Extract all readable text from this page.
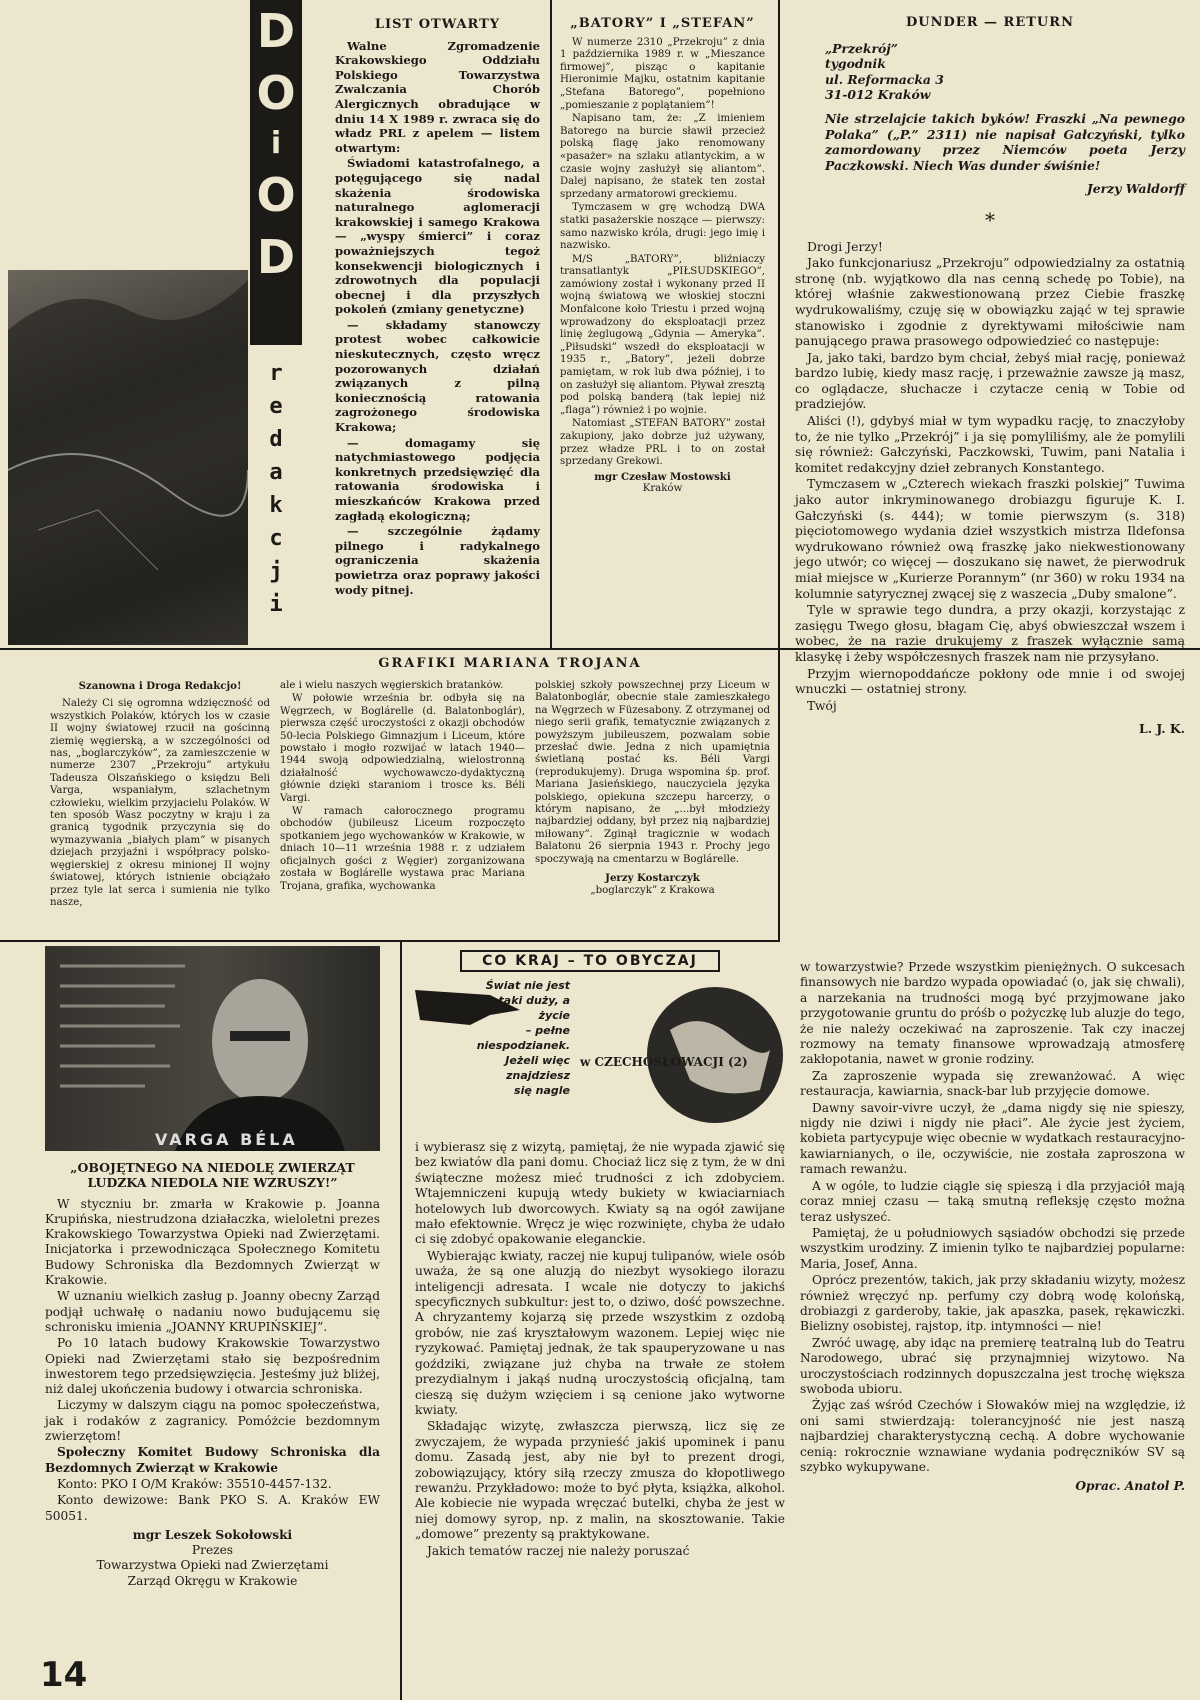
D
O
i
O
D
r
e
d
a
k
c
j
i
LIST OTWARTY

Walne Zgromadzenie Krakowskiego Oddziału Polskiego Towarzystwa Zwalczania Chorób Alergicznych obradujące w dniu 14 X 1989 r. zwraca się do władz PRL z apelem — listem otwartym:

Świadomi katastrofalnego, a potęgującego się nadal skażenia środowiska naturalnego aglomeracji krakowskiej i samego Krakowa — „wyspy śmierci” i coraz poważniejszych tegoż konsekwencji biologicznych i zdrowotnych dla populacji obecnej i dla przyszłych pokoleń (zmiany genetyczne)

— składamy stanowczy protest wobec całkowicie nieskutecznych, często wręcz pozorowanych działań związanych z pilną koniecznością ratowania zagrożonego środowiska Krakowa;

— domagamy się natychmiastowego podjęcia konkretnych przedsięwzięć dla ratowania środowiska i mieszkańców Krakowa przed zagładą ekologiczną;

— szczególnie żądamy pilnego i radykalnego ograniczenia skażenia powietrza oraz poprawy jakości wody pitnej.

„BATORY” I „STEFAN”

W numerze 2310 „Przekroju” z dnia 1 października 1989 r. w „Mieszance firmowej”, pisząc o kapitanie Hieronimie Majku, ostatnim kapitanie „Stefana Batorego”, popełniono „pomieszanie z poplątaniem”!

Napisano tam, że: „Z imieniem Batorego na burcie sławił przecież polską flagę jako renomowany «pasażer» na szlaku atlantyckim, a w czasie wojny zasłużył się aliantom”. Dalej napisano, że statek ten został sprzedany armatorowi greckiemu.

Tymczasem w grę wchodzą DWA statki pasażerskie noszące — pierwszy: samo nazwisko króla, drugi: jego imię i nazwisko.

M/S „BATORY”, bliźniaczy transatlantyk „PIŁSUDSKIEGO”, zamówiony został i wykonany przed II wojną światową we włoskiej stoczni Monfalcone koło Triestu i przed wojną wprowadzony do eksploatacji przez linię żeglugową „Gdynia — Ameryka”. „Piłsudski” wszedł do eksploatacji w 1935 r., „Batory”, jeżeli dobrze pamiętam, w rok lub dwa później, i to on zasłużył się aliantom. Pływał zresztą pod polską banderą (tak lepiej niż „flaga”) również i po wojnie.

Natomiast „STEFAN BATORY” został zakupiony, jako dobrze już używany, przez władze PRL i to on został sprzedany Grekowi.

mgr Czesław Mostowski
Kraków
DUNDER — RETURN
„Przekrój”
tygodnik
ul. Reformacka 3
31-012 Kraków

Nie strzelajcie takich byków! Fraszki „Na pewnego Polaka” („P.” 2311) nie napisał Gałczyński, tylko zamordowany przez Niemców poeta Jerzy Paczkowski. Niech Was dunder świśnie!

Jerzy Waldorff
*

Drogi Jerzy!

Jako funkcjonariusz „Przekroju” odpowiedzialny za ostatnią stronę (nb. wyjątkowo dla nas cenną schedę po Tobie), na której właśnie zakwestionowaną przez Ciebie fraszkę wydrukowaliśmy, czuję się w obowiązku zająć w tej sprawie stanowisko i zgodnie z dyrektywami miłościwie nam panującego prawa prasowego odpowiedzieć co następuje:

Ja, jako taki, bardzo bym chciał, żebyś miał rację, ponieważ bardzo lubię, kiedy masz rację, i przeważnie zawsze ją masz, co oglądacze, słuchacze i czytacze cenią w Tobie od pradziejów.

Aliści (!), gdybyś miał w tym wypadku rację, to znaczyłoby to, że nie tylko „Przekrój” i ja się pomyliliśmy, ale że pomylili się również: Gałczyński, Paczkowski, Tuwim, pani Natalia i komitet redakcyjny dzieł zebranych Konstantego.

Tymczasem w „Czterech wiekach fraszki polskiej” Tuwima jako autor inkryminowanego drobiazgu figuruje K. I. Gałczyński (s. 444); w tomie pierwszym (s. 318) pięciotomowego wydania dzieł wszystkich mistrza Ildefonsa wydrukowano również ową fraszkę jako niekwestionowany jego utwór; co więcej — doszukano się nawet, że pierwodruk miał miejsce w „Kurierze Porannym” (nr 360) w roku 1934 na kolumnie satyrycznej zwącej się z waszecia „Duby smalone”.

Tyle w sprawie tego dundra, a przy okazji, korzystając z zasięgu Twego głosu, błagam Cię, abyś obwieszczał wszem i wobec, że na razie drukujemy z fraszek wyłącznie samą klasykę i żeby współczesnych fraszek nam nie przysyłano.

Przyjm wiernopoddańcze pokłony ode mnie i od swojej wnuczki — ostatniej strony.

Twój

L. J. K.
GRAFIKI MARIANA TROJANA
Szanowna i Droga Redakcjo!

Należy Ci się ogromna wdzięczność od wszystkich Polaków, których los w czasie II wojny światowej rzucił na gościnną ziemię węgierską, a w szczególności od nas, „boglarczyków”, za zamieszczenie w numerze 2307 „Przekroju” artykułu Tadeusza Olszańskiego o księdzu Beli Varga, wspaniałym, szlachetnym człowieku, wielkim przyjacielu Polaków. W ten sposób Wasz poczytny w kraju i za granicą tygodnik przyczynia się do wymazywania „białych plam” w pisanych dziejach przyjaźni i współpracy polsko-węgierskiej z okresu minionej II wojny światowej, których istnienie obciążało przez tyle lat serca i sumienia nie tylko nasze,

ale i wielu naszych węgierskich bratanków.

W połowie września br. odbyła się na Węgrzech, w Boglárelle (d. Balatonboglár), pierwsza część uroczystości z okazji obchodów 50-lecia Polskiego Gimnazjum i Liceum, które powstało i mogło rozwijać w latach 1940—1944 swoją odpowiedzialną, wielostronną działalność wychowawczo-dydaktyczną głównie dzięki staraniom i trosce ks. Béli Vargi.

W ramach całorocznego programu obchodów (jubileusz Liceum rozpoczęto spotkaniem jego wychowanków w Krakowie, w dniach 10—11 września 1988 r. z udziałem oficjalnych gości z Węgier) zorganizowana została w Boglárelle wystawa prac Mariana Trojana, grafika, wychowanka

polskiej szkoły powszechnej przy Liceum w Balatonboglár, obecnie stale zamieszkałego na Węgrzech w Füzesabony. Z otrzymanej od niego serii grafik, tematycznie związanych z powyższym jubileuszem, pozwalam sobie przesłać dwie. Jedna z nich upamiętnia świetlaną postać ks. Béli Vargi (reprodukujemy). Druga wspomina śp. prof. Mariana Jasieńskiego, nauczyciela języka polskiego, opiekuna szczepu harcerzy, o którym napisano, że „...był młodzieży najbardziej oddany, był przez nią najbardziej miłowany”. Zginął tragicznie w wodach Balatonu 26 sierpnia 1943 r. Prochy jego spoczywają na cmentarzu w Boglárelle.

Jerzy Kostarczyk
„boglarczyk” z Krakowa
VARGA BÉLA
„OBOJĘTNEGO NA NIEDOLĘ ZWIERZĄT LUDZKA NIEDOLA NIE WZRUSZY!”

W styczniu br. zmarła w Krakowie p. Joanna Krupińska, niestrudzona działaczka, wieloletni prezes Krakowskiego Towarzystwa Opieki nad Zwierzętami. Inicjatorka i przewodnicząca Społecznego Komitetu Budowy Schroniska dla Bezdomnych Zwierząt w Krakowie.

W uznaniu wielkich zasług p. Joanny obecny Zarząd podjął uchwałę o nadaniu nowo budującemu się schronisku imienia „JOANNY KRUPIŃSKIEJ”.

Po 10 latach budowy Krakowskie Towarzystwo Opieki nad Zwierzętami stało się bezpośrednim inwestorem tego przedsięwzięcia. Jesteśmy już bliżej, niż dalej ukończenia budowy i otwarcia schroniska.

Liczymy w dalszym ciągu na pomoc społeczeństwa, jak i rodaków z zagranicy. Pomóżcie bezdomnym zwierzętom!

Społeczny Komitet Budowy Schroniska dla Bezdomnych Zwierząt w Krakowie

Konto: PKO I O/M Kraków: 35510-4457-132.

Konto dewizowe: Bank PKO S. A. Kraków EW 50051.

mgr Leszek Sokołowski
Prezes
Towarzystwa Opieki nad Zwierzętami
Zarząd Okręgu w Krakowie
14
CO KRAJ – TO OBYCZAJ
Świat nie jest
taki duży, a życie
– pełne niespodzianek.
Jeżeli więc znajdziesz
się nagle
w CZECHOSŁOWACJI (2)

i wybierasz się z wizytą, pamiętaj, że nie wypada zjawić się bez kwiatów dla pani domu. Chociaż licz się z tym, że w dni świąteczne możesz mieć trudności z ich zdobyciem. Wtajemniczeni kupują wtedy bukiety w kwiaciarniach hotelowych lub dworcowych. Kwiaty są na ogół zawijane mało efektownie. Wręcz je więc rozwinięte, chyba że udało ci się zdobyć opakowanie eleganckie.

Wybierając kwiaty, raczej nie kupuj tulipanów, wiele osób uważa, że są one aluzją do niezbyt wysokiego ilorazu inteligencji adresata. I wcale nie dotyczy to jakichś specyficznych subkultur: jest to, o dziwo, dość powszechne. A chryzantemy kojarzą się przede wszystkim z ozdobą grobów, nie zaś kryształowym wazonem. Lepiej więc nie ryzykować. Pamiętaj jednak, że tak spauperyzowane u nas goździki, związane już chyba na trwałe ze stołem prezydialnym i jakąś nudną uroczystością oficjalną, tam cieszą się dużym wzięciem i są cenione jako wytworne kwiaty.

Składając wizytę, zwłaszcza pierwszą, licz się ze zwyczajem, że wypada przynieść jakiś upominek i panu domu. Zasadą jest, aby nie był to prezent drogi, zobowiązujący, który siłą rzeczy zmusza do kłopotliwego rewanżu. Przykładowo: może to być płyta, książka, alkohol. Ale kobiecie nie wypada wręczać butelki, chyba że jest w niej domowy syrop, np. z malin, na skosztowanie. Takie „domowe” prezenty są praktykowane.

Jakich tematów raczej nie należy poruszać

w towarzystwie? Przede wszystkim pieniężnych. O sukcesach finansowych nie bardzo wypada opowiadać (o, jak się chwali), a narzekania na trudności mogą być przyjmowane jako przygotowanie gruntu do próśb o pożyczkę lub aluzje do tego, że nie należy oczekiwać na zaproszenie. Tak czy inaczej rozmowy na tematy finansowe wprowadzają atmosferę zakłopotania, nawet w gronie rodziny.

Za zaproszenie wypada się zrewanżować. A więc restauracja, kawiarnia, snack-bar lub przyjęcie domowe.

Dawny savoir-vivre uczył, że „dama nigdy się nie spieszy, nigdy nie dziwi i nigdy nie płaci”. Ale życie jest życiem, kobieta partycypuje więc obecnie w wydatkach restauracyjno-kawiarnianych, o ile, oczywiście, nie została zaproszona w ramach rewanżu.

A w ogóle, to ludzie ciągle się spieszą i dla przyjaciół mają coraz mniej czasu — taką smutną refleksję często można teraz usłyszeć.

Pamiętaj, że u południowych sąsiadów obchodzi się przede wszystkim urodziny. Z imienin tylko te najbardziej popularne: Maria, Josef, Anna.

Oprócz prezentów, takich, jak przy składaniu wizyty, możesz również wręczyć np. perfumy czy dobrą wodę kolońską, drobiazgi z garderoby, takie, jak apaszka, pasek, rękawiczki. Bielizny osobistej, rajstop, itp. intymności — nie!

Zwróć uwagę, aby idąc na premierę teatralną lub do Teatru Narodowego, ubrać się przynajmniej wizytowo. Na uroczystościach rodzinnych dopuszczalna jest trochę większa swoboda ubioru.

Żyjąc zaś wśród Czechów i Słowaków miej na względzie, iż oni sami stwierdzają: tolerancyjność nie jest naszą najbardziej charakterystyczną cechą. A dobre wychowanie cenią: rokrocznie wznawiane wydania podręczników SV są szybko wykupywane.

Oprac. Anatol P.
